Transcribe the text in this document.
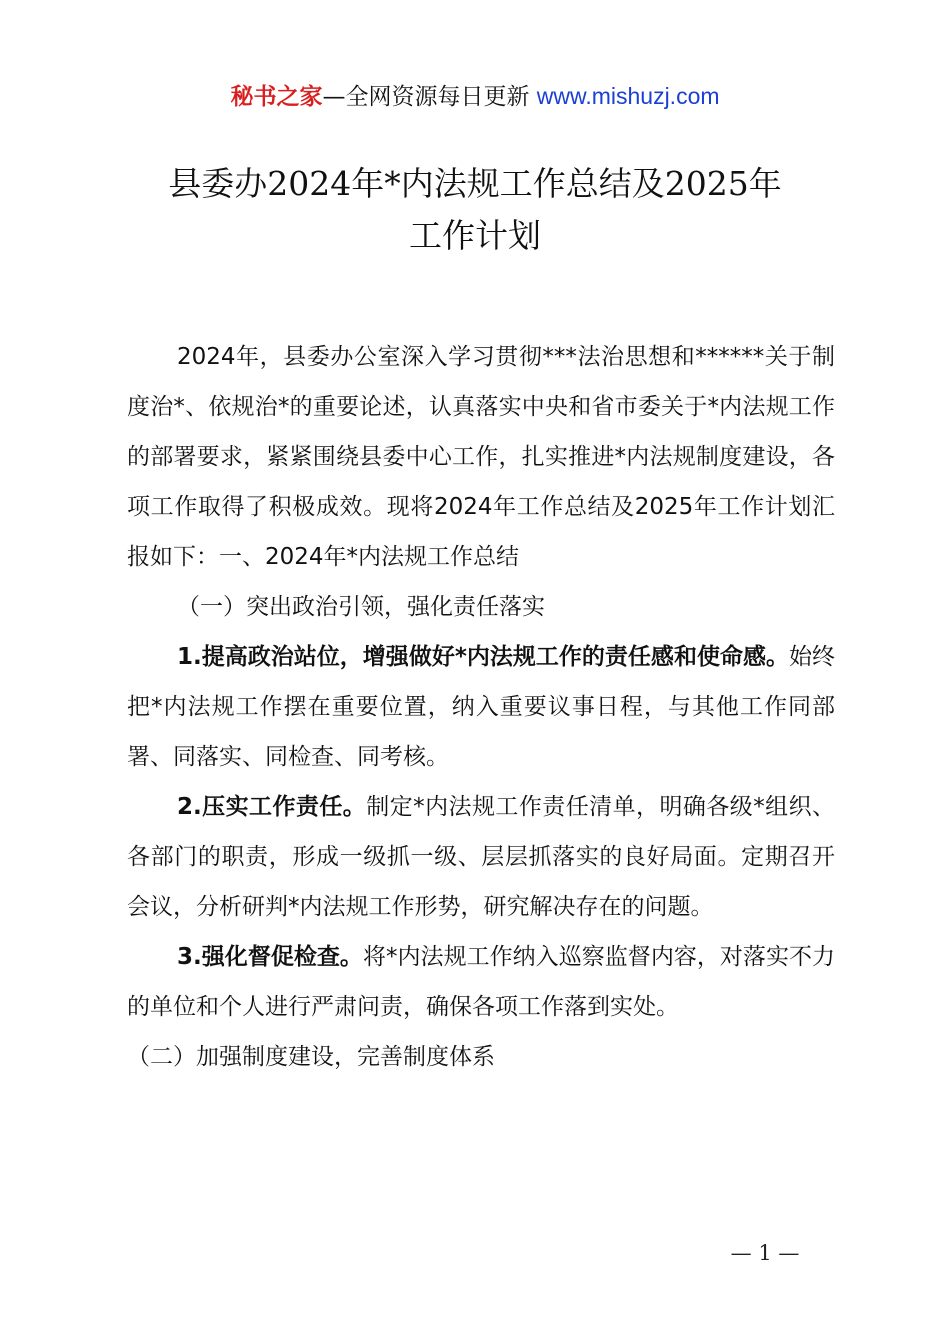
秘书之家—全网资源每日更新 www.mishuzj.com
县委办2024年*内法规工作总结及2025年
工作计划

2024年，县委办公室深入学习贯彻***法治思想和******关于制度治*、依规治*的重要论述，认真落实中央和省市委关于*内法规工作的部署要求，紧紧围绕县委中心工作，扎实推进*内法规制度建设，各项工作取得了积极成效。现将2024年工作总结及2025年工作计划汇报如下：一、2024年*内法规工作总结

（一）突出政治引领，强化责任落实

1.提高政治站位，增强做好*内法规工作的责任感和使命感。始终把*内法规工作摆在重要位置，纳入重要议事日程，与其他工作同部署、同落实、同检查、同考核。

2.压实工作责任。制定*内法规工作责任清单，明确各级*组织、各部门的职责，形成一级抓一级、层层抓落实的良好局面。定期召开会议，分析研判*内法规工作形势，研究解决存在的问题。

3.强化督促检查。将*内法规工作纳入巡察监督内容，对落实不力的单位和个人进行严肃问责，确保各项工作落到实处。

（二）加强制度建设，完善制度体系

— 1 —
